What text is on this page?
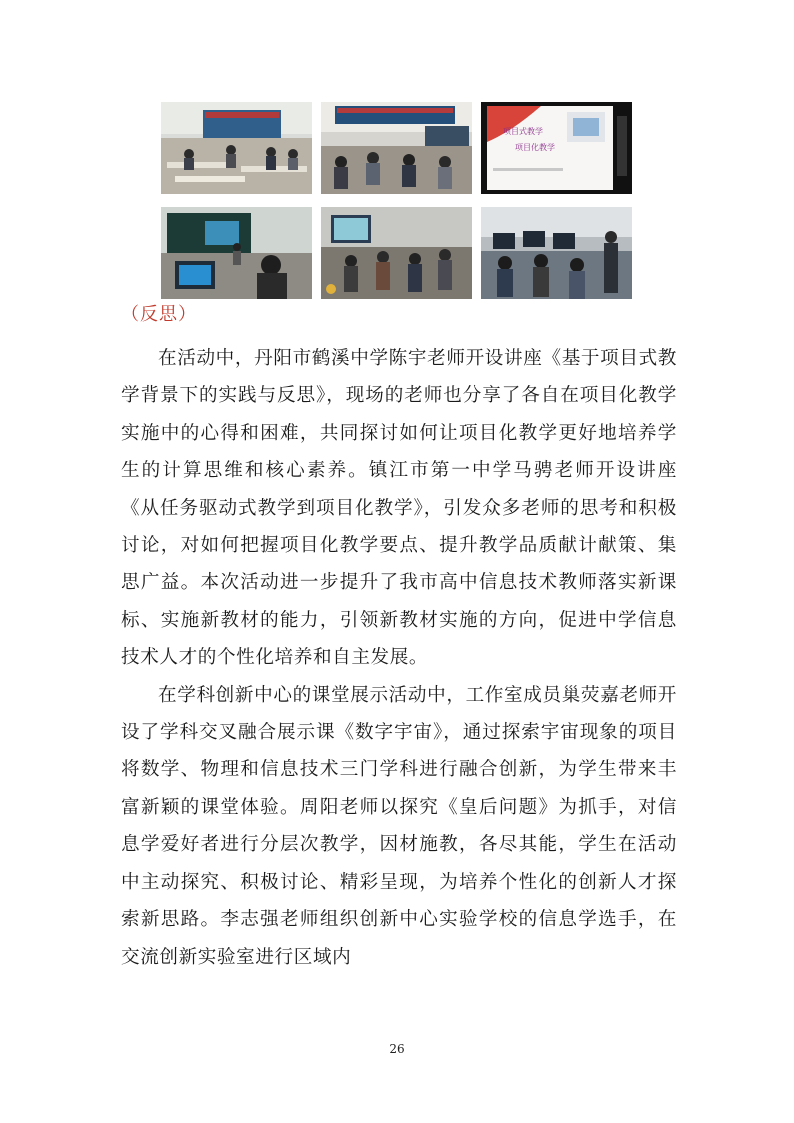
项目式教学
项目化教学
（反思）

在活动中，丹阳市鹤溪中学陈宇老师开设讲座《基于项目式教学背景下的实践与反思》，现场的老师也分享了各自在项目化教学实施中的心得和困难，共同探讨如何让项目化教学更好地培养学生的计算思维和核心素养。镇江市第一中学马骋老师开设讲座《从任务驱动式教学到项目化教学》，引发众多老师的思考和积极讨论，对如何把握项目化教学要点、提升教学品质献计献策、集思广益。本次活动进一步提升了我市高中信息技术教师落实新课标、实施新教材的能力，引领新教材实施的方向，促进中学信息技术人才的个性化培养和自主发展。

在学科创新中心的课堂展示活动中，工作室成员巢荧嘉老师开设了学科交叉融合展示课《数字宇宙》，通过探索宇宙现象的项目将数学、物理和信息技术三门学科进行融合创新，为学生带来丰富新颖的课堂体验。周阳老师以探究《皇后问题》为抓手，对信息学爱好者进行分层次教学，因材施教，各尽其能，学生在活动中主动探究、积极讨论、精彩呈现，为培养个性化的创新人才探索新思路。李志强老师组织创新中心实验学校的信息学选手，在交流创新实验室进行区域内

26
